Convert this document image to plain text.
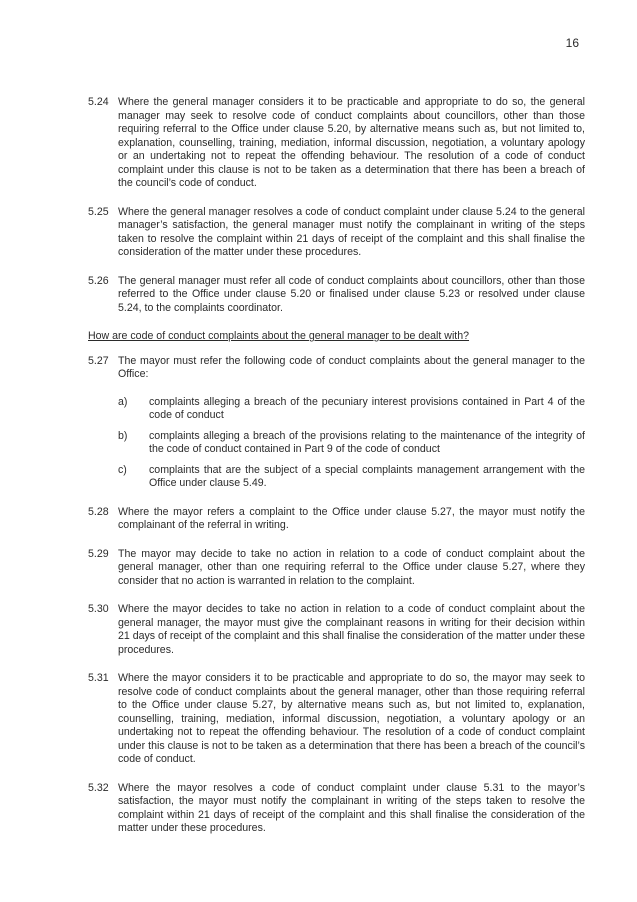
16
5.24 Where the general manager considers it to be practicable and appropriate to do so, the general manager may seek to resolve code of conduct complaints about councillors, other than those requiring referral to the Office under clause 5.20, by alternative means such as, but not limited to, explanation, counselling, training, mediation, informal discussion, negotiation, a voluntary apology or an undertaking not to repeat the offending behaviour. The resolution of a code of conduct complaint under this clause is not to be taken as a determination that there has been a breach of the council’s code of conduct.
5.25 Where the general manager resolves a code of conduct complaint under clause 5.24 to the general manager’s satisfaction, the general manager must notify the complainant in writing of the steps taken to resolve the complaint within 21 days of receipt of the complaint and this shall finalise the consideration of the matter under these procedures.
5.26 The general manager must refer all code of conduct complaints about councillors, other than those referred to the Office under clause 5.20 or finalised under clause 5.23 or resolved under clause 5.24, to the complaints coordinator.
How are code of conduct complaints about the general manager to be dealt with?
5.27 The mayor must refer the following code of conduct complaints about the general manager to the Office:
a)	complaints alleging a breach of the pecuniary interest provisions contained in Part 4 of the code of conduct
b)	complaints alleging a breach of the provisions relating to the maintenance of the integrity of the code of conduct contained in Part 9 of the code of conduct
c)	complaints that are the subject of a special complaints management arrangement with the Office under clause 5.49.
5.28 Where the mayor refers a complaint to the Office under clause 5.27, the mayor must notify the complainant of the referral in writing.
5.29 The mayor may decide to take no action in relation to a code of conduct complaint about the general manager, other than one requiring referral to the Office under clause 5.27, where they consider that no action is warranted in relation to the complaint.
5.30 Where the mayor decides to take no action in relation to a code of conduct complaint about the general manager, the mayor must give the complainant reasons in writing for their decision within 21 days of receipt of the complaint and this shall finalise the consideration of the matter under these procedures.
5.31 Where the mayor considers it to be practicable and appropriate to do so, the mayor may seek to resolve code of conduct complaints about the general manager, other than those requiring referral to the Office under clause 5.27, by alternative means such as, but not limited to, explanation, counselling, training, mediation, informal discussion, negotiation, a voluntary apology or an undertaking not to repeat the offending behaviour. The resolution of a code of conduct complaint under this clause is not to be taken as a determination that there has been a breach of the council’s code of conduct.
5.32 Where the mayor resolves a code of conduct complaint under clause 5.31 to the mayor’s satisfaction, the mayor must notify the complainant in writing of the steps taken to resolve the complaint within 21 days of receipt of the complaint and this shall finalise the consideration of the matter under these procedures.
